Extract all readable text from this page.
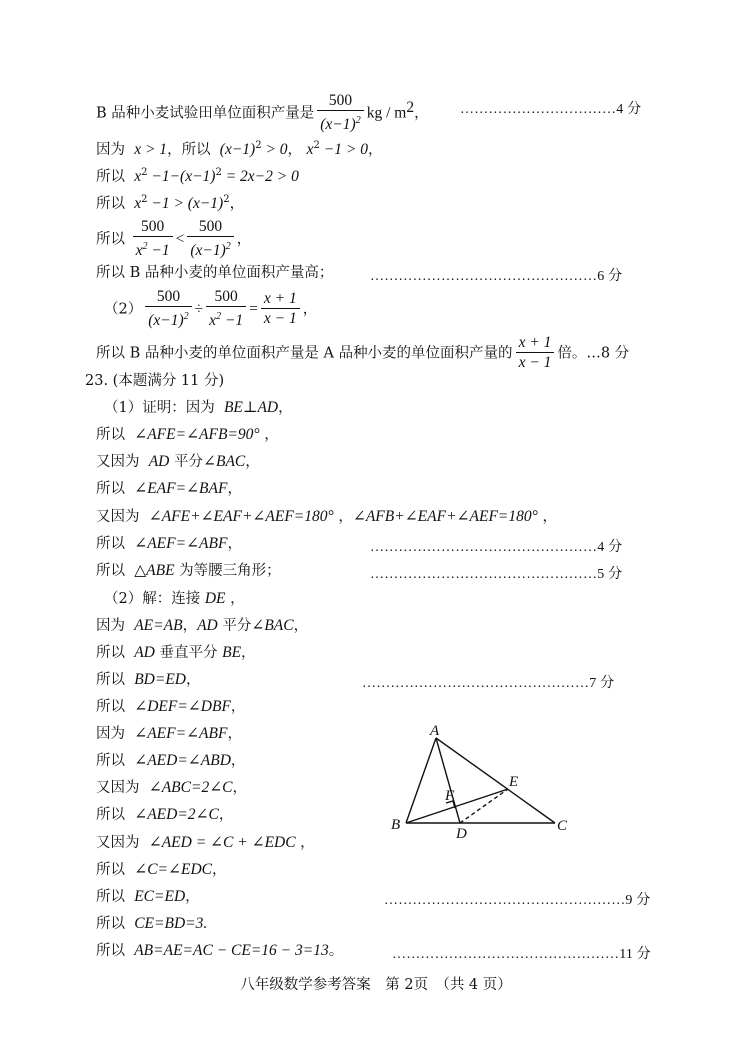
B 品种小麦试验田单位面积产量是 $\frac{500}{(x-1)^2}$ kg / $m^2$， ……………………………4 分
因为 x > 1，所以 $(x-1)^2 > 0$， $x^2 -1 > 0$，
所以 $x^2 -1-(x-1)^2 = 2x-2 > 0$
所以 $x^2 -1 > (x-1)^2$，
所以 $\frac{500}{x^2 -1} < \frac{500}{(x-1)^2}$ ，
所以 B 品种小麦的单位面积产量高；	…………………………………………6 分
$(2) \frac{500}{(x-1)^2} \div \frac{500}{x^2 -1} = \frac{x + 1}{x - 1}$ ，
所以 B 品种小麦的单位面积产量是 A 品种小麦的单位面积产量的 $\frac{x + 1}{x - 1}$ 倍。…8 分
23. (本题满分 11 分)
（1）证明：因为 BE⊥AD，
所以 ∠AFE=∠AFB=90° ，
又因为 AD 平分∠BAC，
所以 ∠EAF=∠BAF，
又因为 ∠AFE+∠EAF+∠AEF=180° ，∠AFB+∠EAF+∠AEF=180° ，
所以 ∠AEF=∠ABF，	…………………………………………4 分
所以 △ABE 为等腰三角形；	…………………………………………5 分
（2）解：连接 DE ，
因为 AE=AB，AD 平分∠BAC，
所以 AD 垂直平分 BE，
所以 BD=ED，	…………………………………………7 分
所以 ∠DEF=∠DBF，
因为 ∠AEF=∠ABF，
所以 ∠AED=∠ABD，
又因为 ∠ABC=2∠C，
所以 ∠AED=2∠C，
又因为 ∠AED = ∠C + ∠EDC ，
所以 ∠C=∠EDC，
所以 EC=ED，	……………………………………………9 分
所以 CE=BD=3.
所以 AB=AE=AC − CE=16 − 3=13。	…………………………………………11 分
A
B	C
D
E
F
八年级数学参考答案　第 2页　（共 4 页）
